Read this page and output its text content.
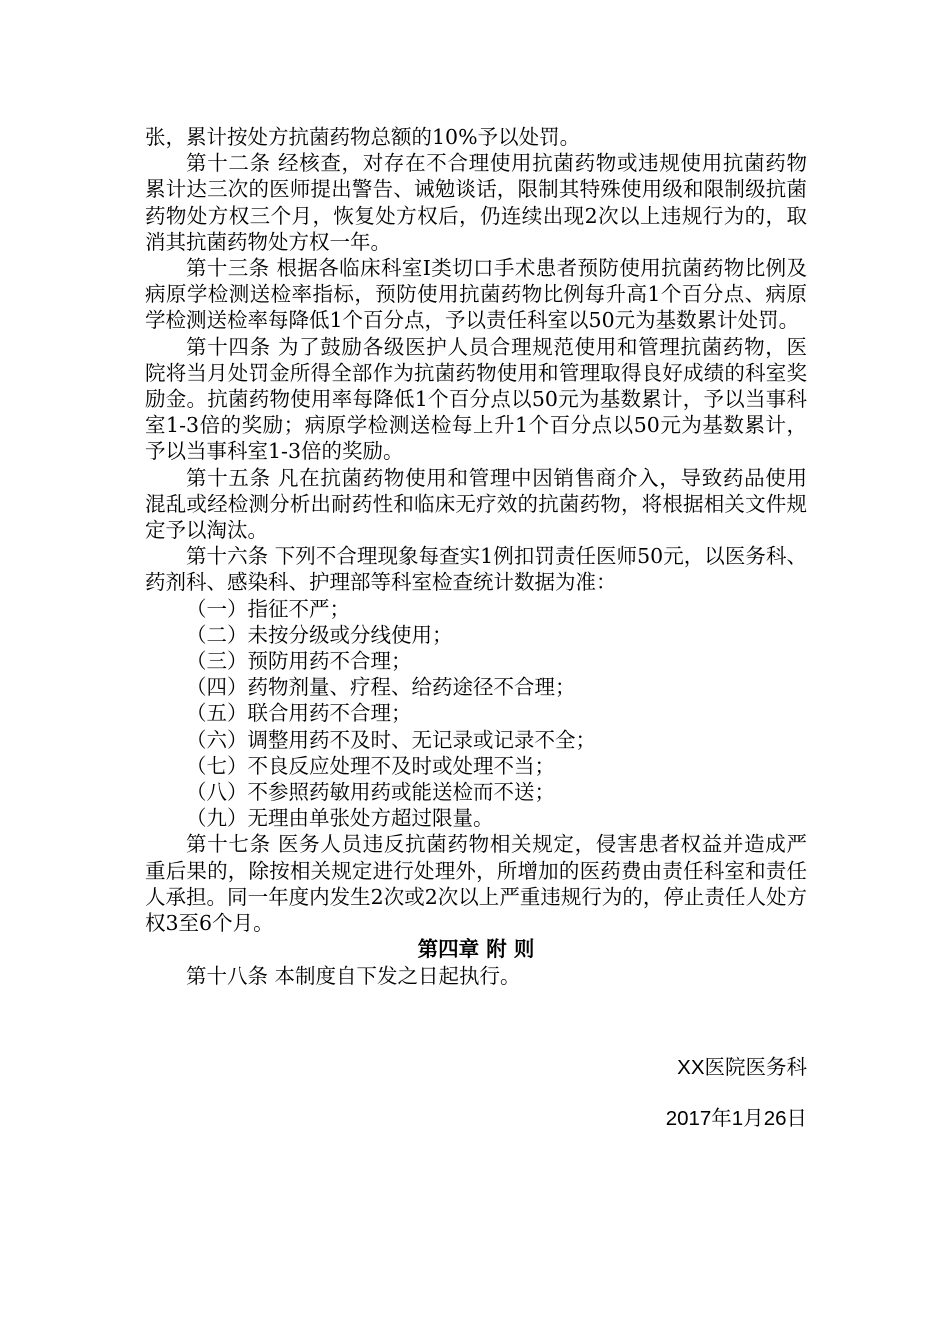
张，累计按处方抗菌药物总额的10%予以处罚。

第十二条 经核查，对存在不合理使用抗菌药物或违规使用抗菌药物累计达三次的医师提出警告、诫勉谈话，限制其特殊使用级和限制级抗菌药物处方权三个月，恢复处方权后，仍连续出现2次以上违规行为的，取消其抗菌药物处方权一年。

第十三条 根据各临床科室Ⅰ类切口手术患者预防使用抗菌药物比例及病原学检测送检率指标，预防使用抗菌药物比例每升高1个百分点、病原学检测送检率每降低1个百分点，予以责任科室以50元为基数累计处罚。

第十四条 为了鼓励各级医护人员合理规范使用和管理抗菌药物，医院将当月处罚金所得全部作为抗菌药物使用和管理取得良好成绩的科室奖励金。抗菌药物使用率每降低1个百分点以50元为基数累计，予以当事科室1-3倍的奖励；病原学检测送检每上升1个百分点以50元为基数累计，予以当事科室1-3倍的奖励。

第十五条 凡在抗菌药物使用和管理中因销售商介入，导致药品使用混乱或经检测分析出耐药性和临床无疗效的抗菌药物，将根据相关文件规定予以淘汰。

第十六条 下列不合理现象每查实1例扣罚责任医师50元，以医务科、药剂科、感染科、护理部等科室检查统计数据为准：

（一）指征不严；

（二）未按分级或分线使用；

（三）预防用药不合理；

（四）药物剂量、疗程、给药途径不合理；

（五）联合用药不合理；

（六）调整用药不及时、无记录或记录不全；

（七）不良反应处理不及时或处理不当；

（八）不参照药敏用药或能送检而不送；

（九）无理由单张处方超过限量。

第十七条 医务人员违反抗菌药物相关规定，侵害患者权益并造成严重后果的，除按相关规定进行处理外，所增加的医药费由责任科室和责任人承担。同一年度内发生2次或2次以上严重违规行为的，停止责任人处方权3至6个月。

第四章 附 则

第十八条 本制度自下发之日起执行。

XX医院医务科
2017年1月26日
